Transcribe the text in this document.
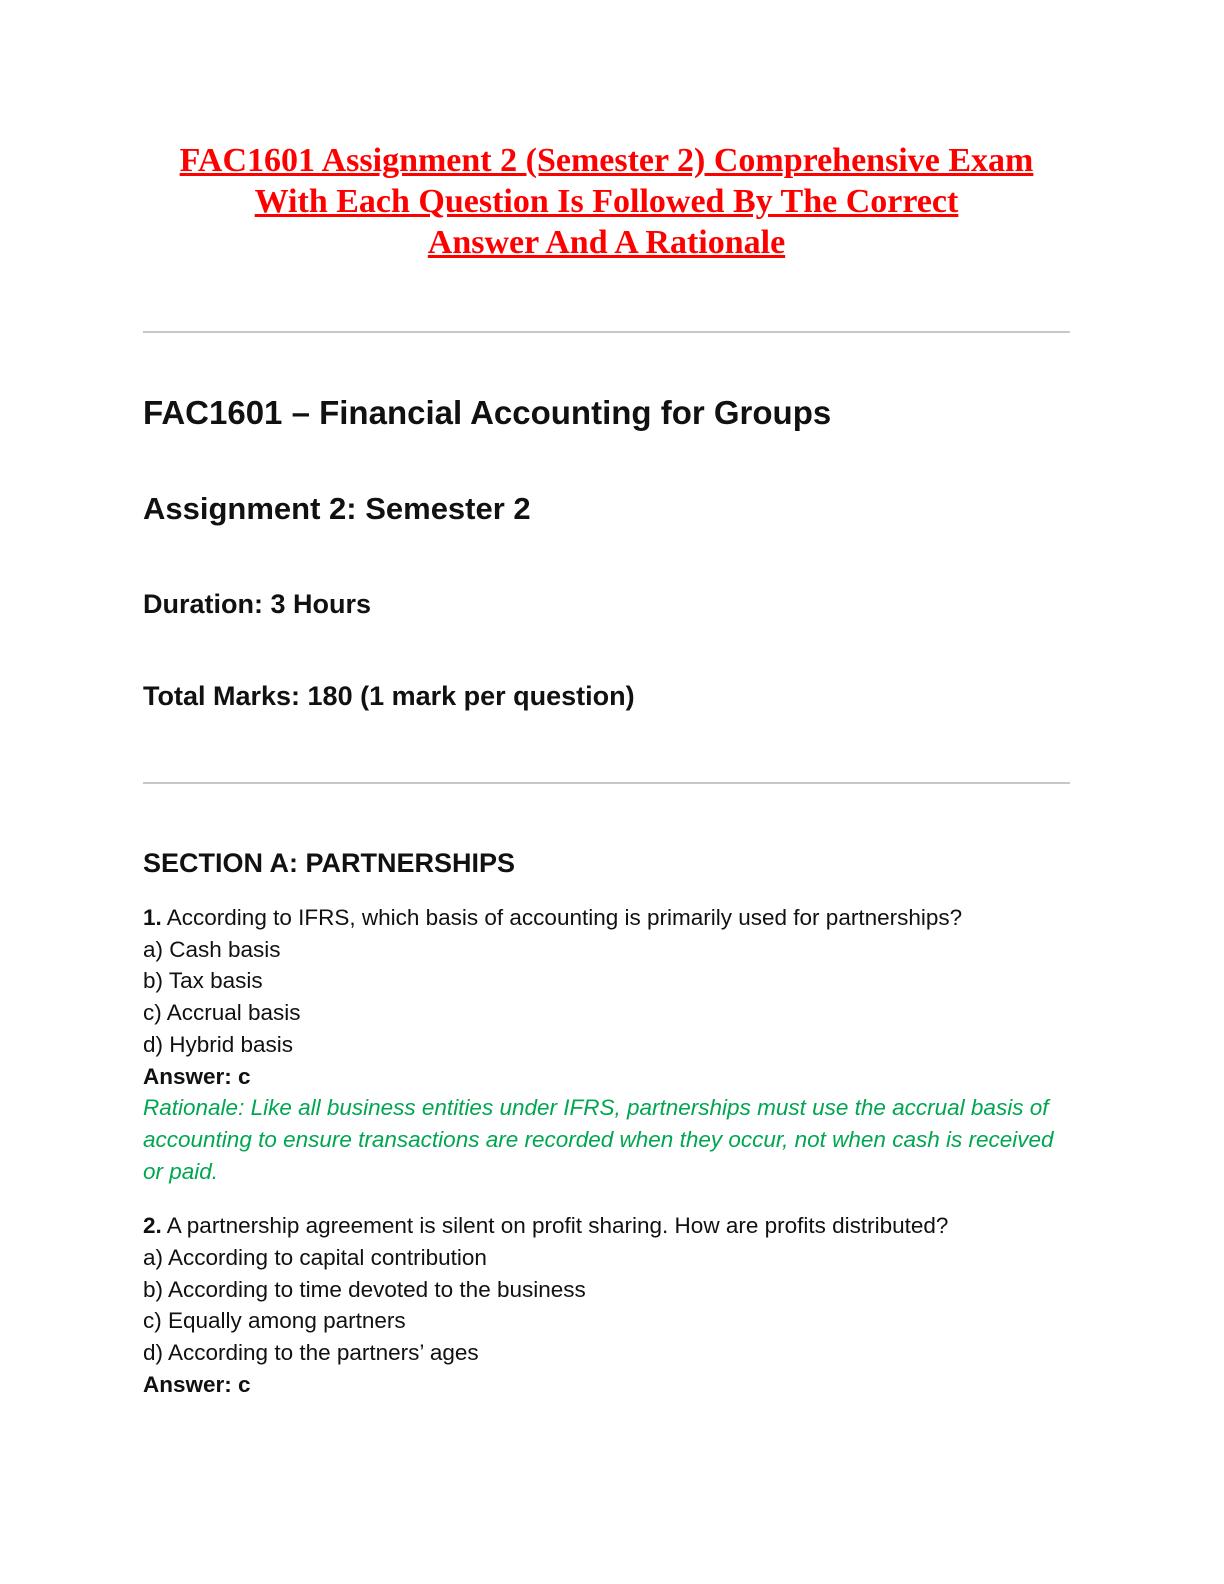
FAC1601 Assignment 2 (Semester 2) Comprehensive Exam
With Each Question Is Followed By The Correct
Answer And A Rationale
FAC1601 – Financial Accounting for Groups
Assignment 2: Semester 2
Duration: 3 Hours
Total Marks: 180 (1 mark per question)
SECTION A: PARTNERSHIPS
1. According to IFRS, which basis of accounting is primarily used for partnerships?
a) Cash basis
b) Tax basis
c) Accrual basis
d) Hybrid basis
Answer: c
Rationale: Like all business entities under IFRS, partnerships must use the accrual basis of accounting to ensure transactions are recorded when they occur, not when cash is received or paid.
2. A partnership agreement is silent on profit sharing. How are profits distributed?
a) According to capital contribution
b) According to time devoted to the business
c) Equally among partners
d) According to the partners’ ages
Answer: c
